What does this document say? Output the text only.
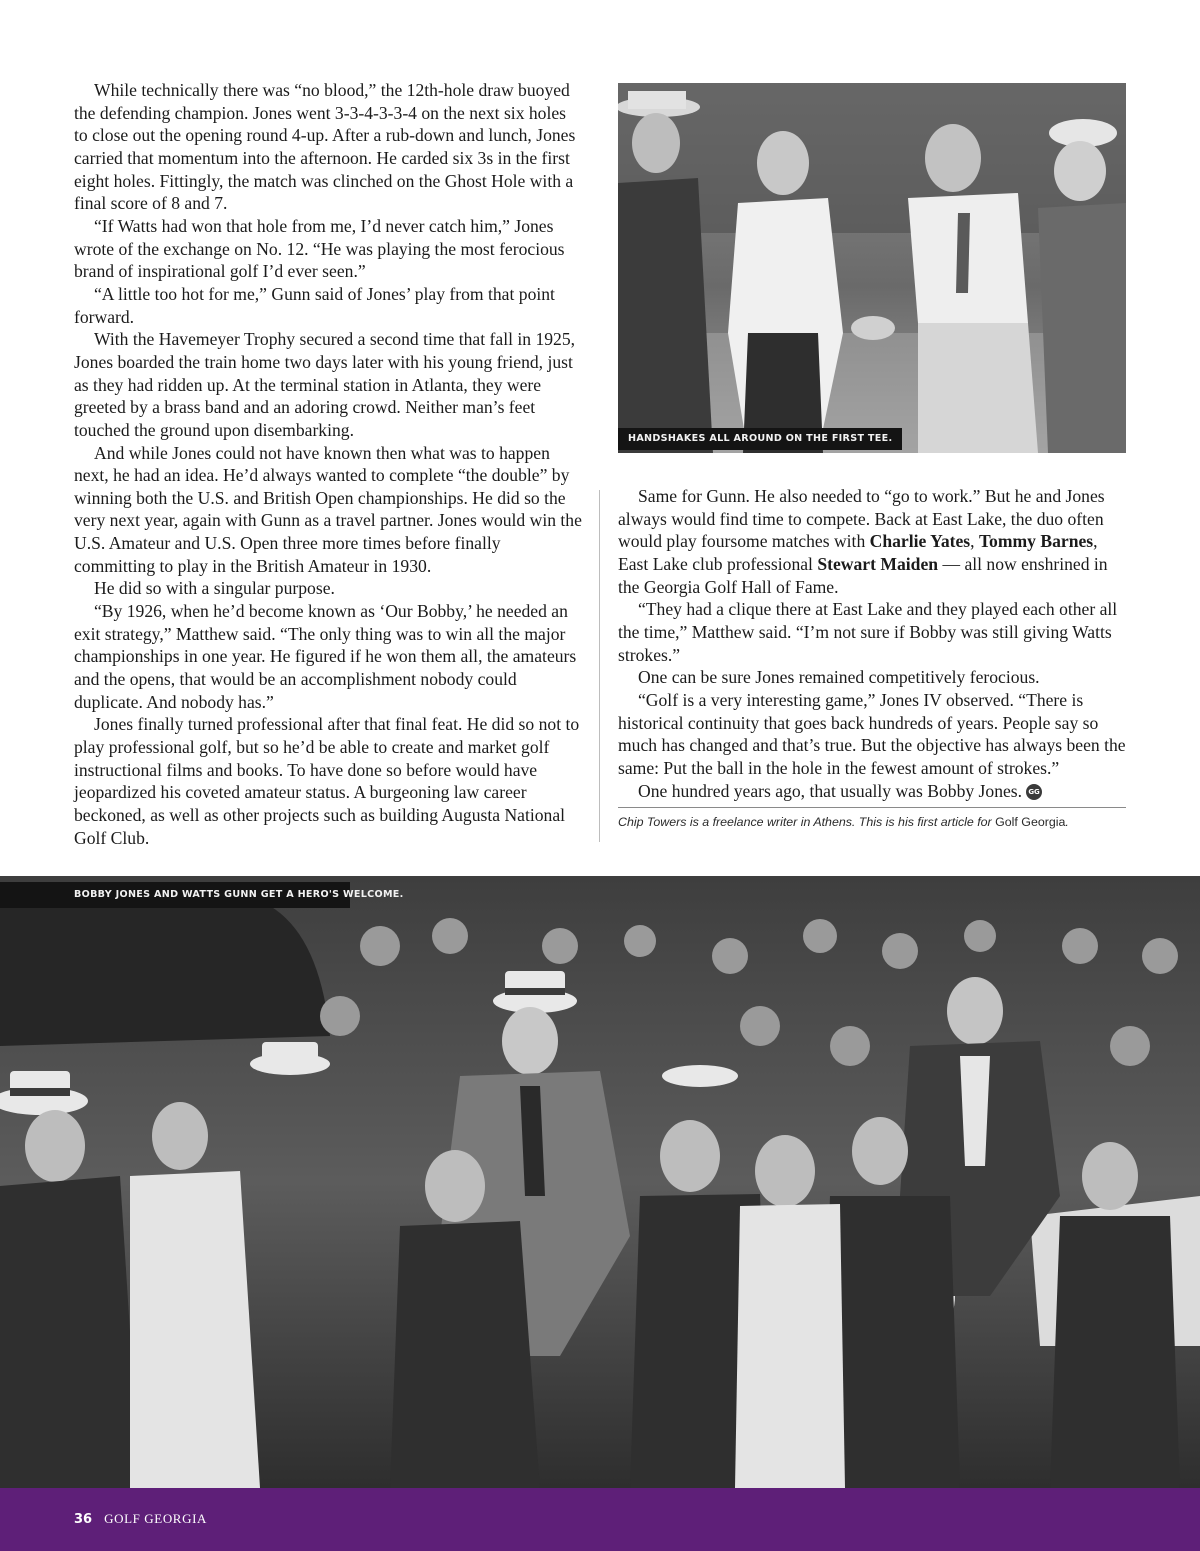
While technically there was “no blood,” the 12th-hole draw buoyed the defending champion. Jones went 3-3-4-3-3-4 on the next six holes to close out the opening round 4-up. After a rub-down and lunch, Jones carried that momentum into the afternoon. He carded six 3s in the first eight holes. Fittingly, the match was clinched on the Ghost Hole with a final score of 8 and 7.

“If Watts had won that hole from me, I’d never catch him,” Jones wrote of the exchange on No. 12. “He was playing the most ferocious brand of inspirational golf I’d ever seen.”

“A little too hot for me,” Gunn said of Jones’ play from that point forward.

With the Havemeyer Trophy secured a second time that fall in 1925, Jones boarded the train home two days later with his young friend, just as they had ridden up. At the terminal station in Atlanta, they were greeted by a brass band and an adoring crowd. Neither man’s feet touched the ground upon disembarking.

And while Jones could not have known then what was to happen next, he had an idea. He’d always wanted to complete “the double” by winning both the U.S. and British Open championships. He did so the very next year, again with Gunn as a travel partner. Jones would win the U.S. Amateur and U.S. Open three more times before finally committing to play in the British Amateur in 1930.

He did so with a singular purpose.

“By 1926, when he’d become known as ‘Our Bobby,’ he needed an exit strategy,” Matthew said. “The only thing was to win all the major championships in one year. He figured if he won them all, the amateurs and the opens, that would be an accomplishment nobody could duplicate. And nobody has.”

Jones finally turned professional after that final feat. He did so not to play professional golf, but so he’d be able to create and market golf instructional films and books. To have done so before would have jeopardized his coveted amateur status. A burgeoning law career beckoned, as well as other projects such as building Augusta National Golf Club.

HANDSHAKES ALL AROUND ON THE FIRST TEE.

Same for Gunn. He also needed to “go to work.” But he and Jones always would find time to compete. Back at East Lake, the duo often would play foursome matches with Charlie Yates, Tommy Barnes, East Lake club professional Stewart Maiden — all now enshrined in the Georgia Golf Hall of Fame.

“They had a clique there at East Lake and they played each other all the time,” Matthew said. “I’m not sure if Bobby was still giving Watts strokes.”

One can be sure Jones remained competitively ferocious.

“Golf is a very interesting game,” Jones IV observed. “There is historical continuity that goes back hundreds of years. People say so much has changed and that’s true. But the objective has always been the same: Put the ball in the hole in the fewest amount of strokes.”

One hundred years ago, that usually was Bobby Jones. GG

Chip Towers is a freelance writer in Athens. This is his first article for Golf Georgia.
BOBBY JONES AND WATTS GUNN GET A HERO'S WELCOME.
36 GOLF GEORGIA
